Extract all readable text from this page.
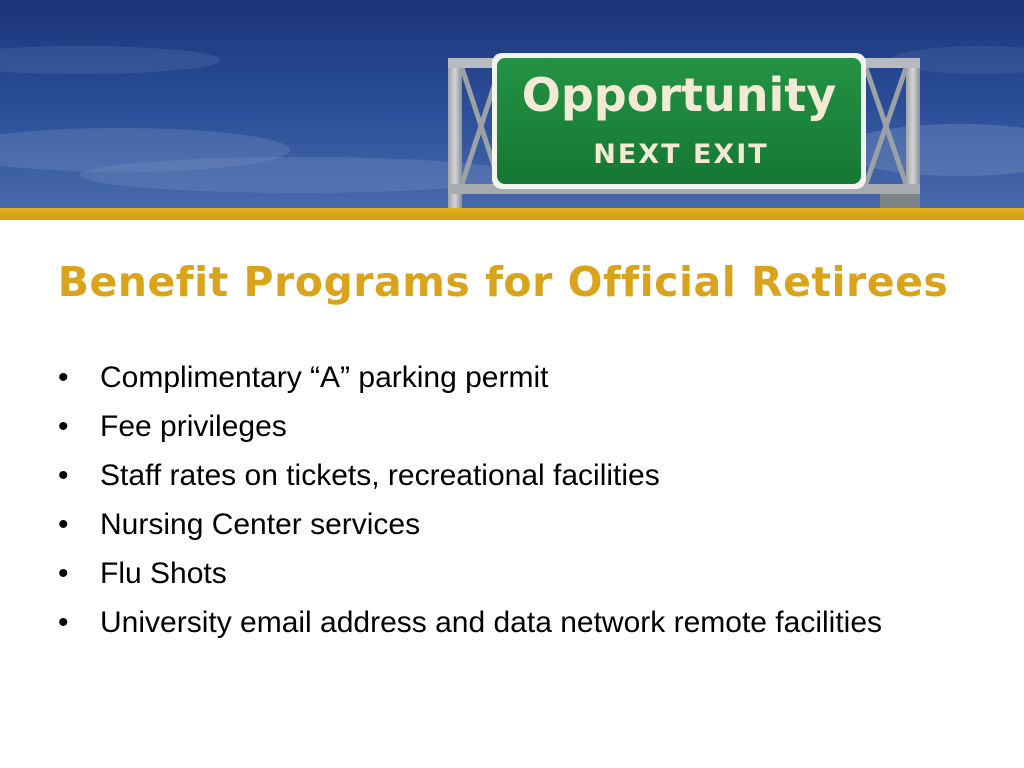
Opportunity
NEXT EXIT
Benefit Programs for Official Retirees
• Complimentary “A” parking permit
• Fee privileges
• Staff rates on tickets, recreational facilities
• Nursing Center services
• Flu Shots
• University email address and data network remote facilities
